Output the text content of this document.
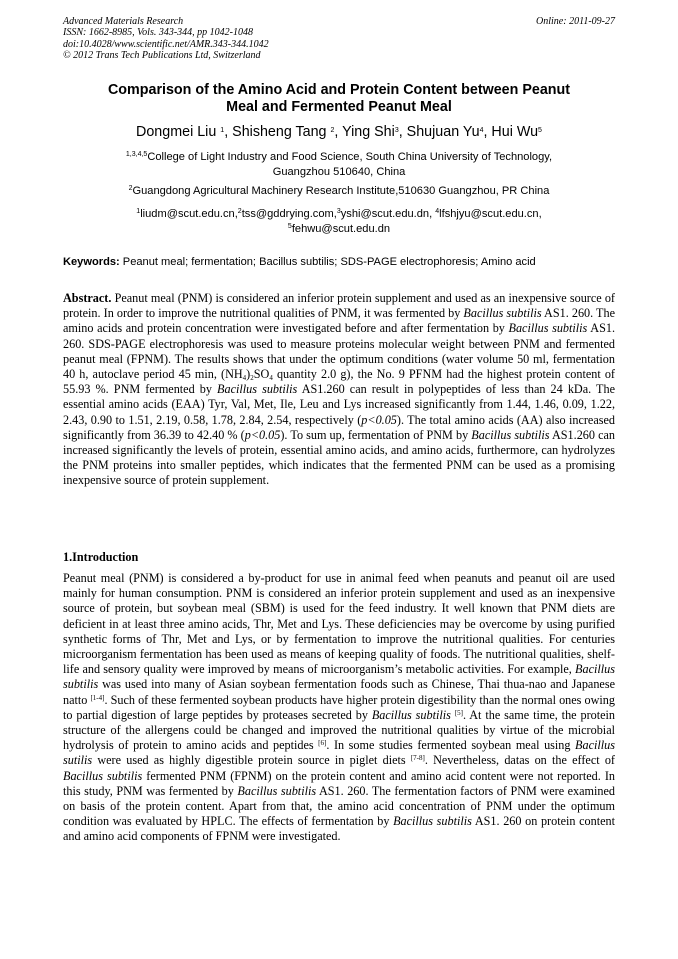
Advanced Materials Research
ISSN: 1662-8985, Vols. 343-344, pp 1042-1048
doi:10.4028/www.scientific.net/AMR.343-344.1042
© 2012 Trans Tech Publications Ltd, Switzerland
Online: 2011-09-27
Comparison of the Amino Acid and Protein Content between Peanut
Meal and Fermented Peanut Meal
Dongmei Liu $^1$, Shisheng Tang $^2$, Ying Shi$^3$, Shujuan Yu$^4$, Hui Wu$^5$
$^{1,3,4,5}$College of Light Industry and Food Science, South China University of Technology,
Guangzhou 510640, China
$^2$Guangdong Agricultural Machinery Research Institute,510630 Guangzhou, PR China
$^1$liudm@scut.edu.cn,$^2$tss@gddrying.com,$^3$yshi@scut.edu.dn, $^4$lfshjyu@scut.edu.cn,
$^5$fehwu@scut.edu.dn
Keywords: Peanut meal; fermentation; Bacillus subtilis; SDS-PAGE electrophoresis; Amino acid
Abstract. Peanut meal (PNM) is considered an inferior protein supplement and used as an inexpensive source of protein. In order to improve the nutritional qualities of PNM, it was fermented by Bacillus subtilis AS1. 260. The amino acids and protein concentration were investigated before and after fermentation by Bacillus subtilis AS1. 260. SDS-PAGE electrophoresis was used to measure proteins molecular weight between PNM and fermented peanut meal (FPNM). The results shows that under the optimum conditions (water volume 50 ml, fermentation 40 h, autoclave period 45 min, $(NH_4)_2SO_4$ quantity 2.0 g), the No. 9 PFNM had the highest protein content of 55.93 %. PNM fermented by Bacillus subtilis AS1.260 can result in polypeptides of less than 24 kDa. The essential amino acids (EAA) Tyr, Val, Met, Ile, Leu and Lys increased significantly from 1.44, 1.46, 0.09, 1.22, 2.43, 0.90 to 1.51, 2.19, 0.58, 1.78, 2.84, 2.54, respectively (p<0.05). The total amino acids (AA) also increased significantly from 36.39 to 42.40 % (p<0.05). To sum up, fermentation of PNM by Bacillus subtilis AS1.260 can increased significantly the levels of protein, essential amino acids, and amino acids, furthermore, can hydrolyzes the PNM proteins into smaller peptides, which indicates that the fermented PNM can be used as a promising inexpensive source of protein supplement.
1.Introduction
Peanut meal (PNM) is considered a by-product for use in animal feed when peanuts and peanut oil are used mainly for human consumption. PNM is considered an inferior protein supplement and used as an inexpensive source of protein, but soybean meal (SBM) is used for the feed industry. It well known that PNM diets are deficient in at least three amino acids, Thr, Met and Lys. These deficiencies may be overcome by using purified synthetic forms of Thr, Met and Lys, or by fermentation to improve the nutritional qualities. For centuries microorganism fermentation has been used as means of keeping quality of foods. The nutritional qualities, shelf-life and sensory quality were improved by means of microorganism’s metabolic activities. For example, Bacillus subtilis was used into many of Asian soybean fermentation foods such as Chinese, Thai thua-nao and Japanese natto [1-4]. Such of these fermented soybean products have higher protein digestibility than the normal ones owing to partial digestion of large peptides by proteases secreted by Bacillus subtilis [5]. At the same time, the protein structure of the allergens could be changed and improved the nutritional qualities by virtue of the microbial hydrolysis of protein to amino acids and peptides [6]. In some studies fermented soybean meal using Bacillus sutilis were used as highly digestible protein source in piglet diets [7-8]. Nevertheless, datas on the effect of Bacillus subtilis fermented PNM (FPNM) on the protein content and amino acid content were not reported. In this study, PNM was fermented by Bacillus subtilis AS1. 260. The fermentation factors of PNM were examined on basis of the protein content. Apart from that, the amino acid concentration of PNM under the optimum condition was evaluated by HPLC. The effects of fermentation by Bacillus subtilis AS1. 260 on protein content and amino acid components of FPNM were investigated.
